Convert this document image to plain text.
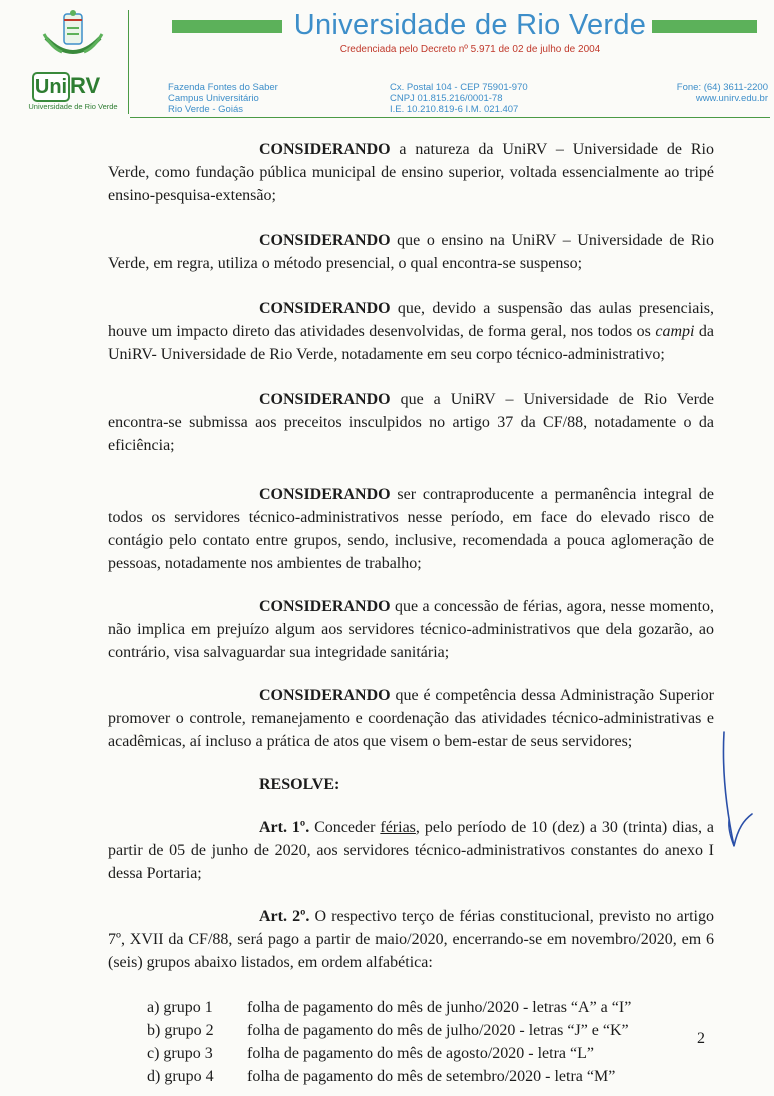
Uni RV
Universidade de Rio Verde
Universidade de Rio Verde
Credenciada pelo Decreto nº 5.971 de 02 de julho de 2004
Fazenda Fontes do Saber
Campus Universitário
Rio Verde - Goiás
Cx. Postal 104 - CEP 75901-970
CNPJ 01.815.216/0001-78
I.E. 10.210.819-6 I.M. 021.407
Fone: (64) 3611-2200
www.unirv.edu.br

CONSIDERANDO a natureza da UniRV – Universidade de Rio Verde, como fundação pública municipal de ensino superior, voltada essencialmente ao tripé ensino-pesquisa-extensão;

CONSIDERANDO que o ensino na UniRV – Universidade de Rio Verde, em regra, utiliza o método presencial, o qual encontra-se suspenso;

CONSIDERANDO que, devido a suspensão das aulas presenciais, houve um impacto direto das atividades desenvolvidas, de forma geral, nos todos os campi da UniRV- Universidade de Rio Verde, notadamente em seu corpo técnico-administrativo;

CONSIDERANDO que a UniRV – Universidade de Rio Verde encontra-se submissa aos preceitos insculpidos no artigo 37 da CF/88, notadamente o da eficiência;

CONSIDERANDO ser contraproducente a permanência integral de todos os servidores técnico-administrativos nesse período, em face do elevado risco de contágio pelo contato entre grupos, sendo, inclusive, recomendada a pouca aglomeração de pessoas, notadamente nos ambientes de trabalho;

CONSIDERANDO que a concessão de férias, agora, nesse momento, não implica em prejuízo algum aos servidores técnico-administrativos que dela gozarão, ao contrário, visa salvaguardar sua integridade sanitária;

CONSIDERANDO que é competência dessa Administração Superior promover o controle, remanejamento e coordenação das atividades técnico-administrativas e acadêmicas, aí incluso a prática de atos que visem o bem-estar de seus servidores;

RESOLVE:

Art. 1º. Conceder férias, pelo período de 10 (dez) a 30 (trinta) dias, a partir de 05 de junho de 2020, aos servidores técnico-administrativos constantes do anexo I dessa Portaria;

Art. 2º. O respectivo terço de férias constitucional, previsto no artigo 7º, XVII da CF/88, será pago a partir de maio/2020, encerrando-se em novembro/2020, em 6 (seis) grupos abaixo listados, em ordem alfabética:

a) grupo 1 folha de pagamento do mês de junho/2020 - letras “A” a “I”
b) grupo 2 folha de pagamento do mês de julho/2020 - letras “J” e “K”
c) grupo 3 folha de pagamento do mês de agosto/2020 - letra “L”
d) grupo 4 folha de pagamento do mês de setembro/2020 - letra “M”
2
